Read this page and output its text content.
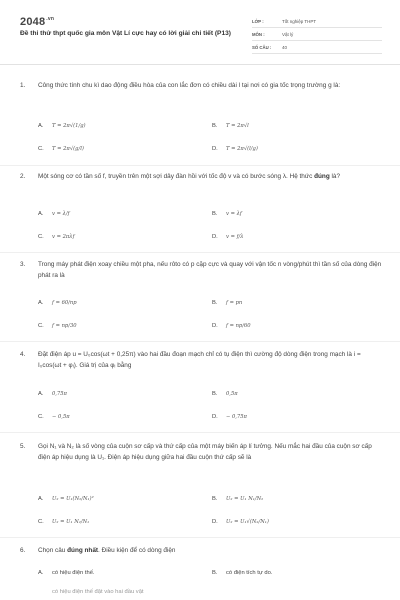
$2048^{.vn}$
Đề thi thử thpt quốc gia môn Vật Lí cực hay có lời giải chi tiết (P13)
LỚP :	Tốt nghiệp THPT
MÔN :	Vật lý
SỐ CÂU :	40
1.	Công thức tính chu kì dao động điều hòa của con lắc đơn có chiều dài l tại nơi có gia tốc trọng trường g là:
A.	T = 2π√(1/g)	B.	T = 2π√l
C.	T = 2π√(g/l)	D.	T = 2π√(l/g)
2.	Một sóng cơ có tần số f, truyền trên một sợi dây đàn hồi với tốc độ v và có bước sóng λ. Hệ thức đúng là?
A.	v = λ/f	B.	v = λf
C.	v = 2πλf	D.	v = f/λ
3.	Trong máy phát điện xoay chiều một pha, nếu rôto có p cặp cực và quay với vận tốc n vòng/phút thì tần số của dòng điện phát ra là
A.	f = 60/np	B.	f = pn
C.	f = np/30	D.	f = np/60
4.	Đặt điện áp u = U₀cos(ωt + 0,25π) vào hai đầu đoạn mạch chỉ có tụ điện thì cường độ dòng điện trong mạch là i = I₀cos(ωt + φᵢ). Giá trị của φᵢ bằng
A.	0,75π	B.	0,5π
C.	− 0,5π	D.	− 0,75π
5.	Gọi N₁ và N₂ là số vòng của cuộn sơ cấp và thứ cấp của một máy biến áp lí tưởng. Nếu mắc hai đầu của cuộn sơ cấp điện áp hiệu dụng là U₁. Điện áp hiệu dụng giữa hai đầu cuộn thứ cấp sẽ là
A.	U₂ = U₁(N₂/N₁)²	B.	U₂ = U₁ N₁/N₂
C.	U₂ = U₁ N₂/N₁	D.	U₂ = U₁√(N₂/N₁)
6.	Chọn câu đúng nhất. Điều kiện để có dòng điện
A.	có hiệu điện thế.	B.	có điện tích tự do.
có hiệu điện thế đặt vào hai đầu vật
